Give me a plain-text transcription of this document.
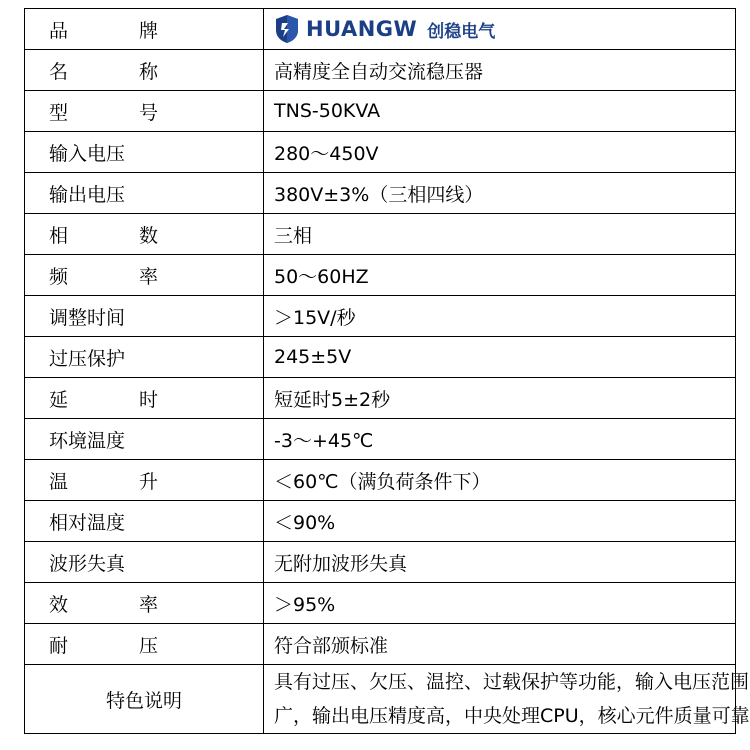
品　牌	HUANGW 创稳电气

名　称	高精度全自动交流稳压器
型　号	TNS-50KVA
输入电压	280～450V
输出电压	380V±3%（三相四线）
相　数	三相
频　率	50～60HZ
调整时间	＞15V/秒
过压保护	245±5V
延　时	短延时5±2秒
环境温度	-3～+45℃
温　升	＜60℃（满负荷条件下）
相对温度	＜90%
波形失真	无附加波形失真
效　率	＞95%
耐　压	符合部颁标准
特色说明	具有过压、欠压、温控、过载保护等功能，输入电压范围
广，输出电压精度高，中央处理CPU，核心元件质量可靠
